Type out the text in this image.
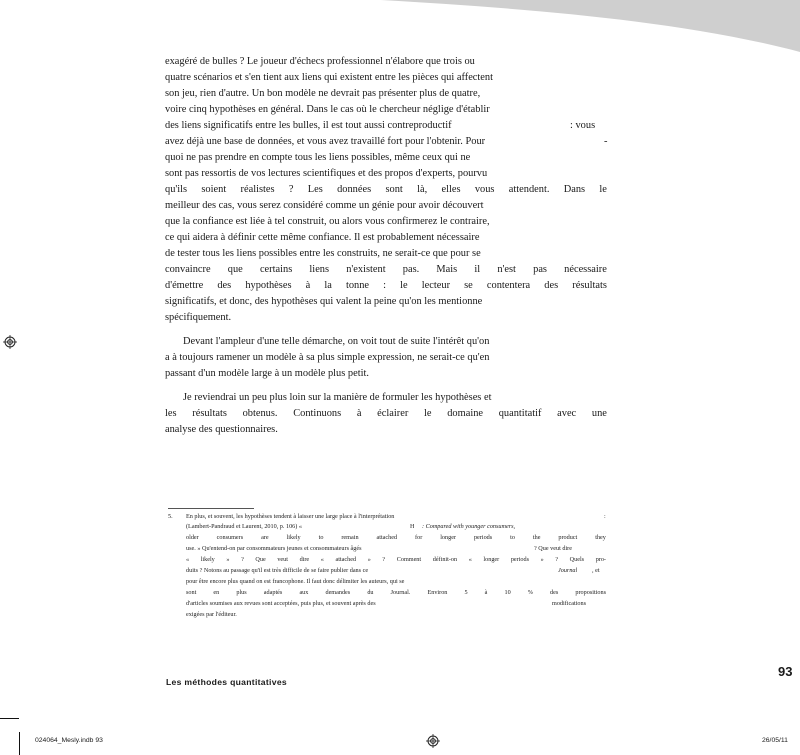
exagéré de bulles ? Le joueur d'échecs professionnel n'élabore que trois ou
quatre scénarios et s'en tient aux liens qui existent entre les pièces qui affectent
son jeu, rien d'autre. Un bon modèle ne devrait pas présenter plus de quatre,
voire cinq hypothèses en général. Dans le cas où le chercheur néglige d'établir
des liens significatifs entre les bulles, il est tout aussi contreproductif	: vous
avez déjà une base de données, et vous avez travaillé fort pour l'obtenir. Pour	-
quoi ne pas prendre en compte tous les liens possibles, même ceux qui ne
sont pas ressortis de vos lectures scientifiques et des propos d'experts, pourvu
qu'ils soient réalistes ? Les données sont là, elles vous attendent. Dans le
meilleur des cas, vous serez considéré comme un génie pour avoir découvert
que la confiance est liée à tel construit, ou alors vous confirmerez le contraire,
ce qui aidera à définir cette même confiance. Il est probablement nécessaire
de tester tous les liens possibles entre les construits, ne serait-ce que pour se
convaincre que certains liens n'existent pas. Mais il n'est pas nécessaire
d'émettre des hypothèses à la tonne : le lecteur se contentera des résultats
significatifs, et donc, des hypothèses qui valent la peine qu'on les mentionne
spécifiquement.
Devant l'ampleur d'une telle démarche, on voit tout de suite l'intérêt qu'on
a à toujours ramener un modèle à sa plus simple expression, ne serait-ce qu'en
passant d'un modèle large à un modèle plus petit.
Je reviendrai un peu plus loin sur la manière de formuler les hypothèses et
les résultats obtenus. Continuons à éclairer le domaine quantitatif avec une
analyse des questionnaires.
5. En plus, et souvent, les hypothèses tendent à laisser une large place à l'interprétation	:
(Lambert-Pandraud et Laurent, 2010, p. 106) «	H : Compared with younger consumers,
older	consumers	are	likely	to	remain	attached	for	longer	periods	to	the	product	they
use. » Qu'entend-on par consommateurs jeunes et consommateurs âgés	? Que veut dire
« likely » ? Que veut dire « attached » ? Comment définit-on « longer periods » ? Quels pro-
duits ? Notons au passage qu'il est très difficile de se faire publier dans ce	Journal , et
pour être encore plus quand on est francophone. Il faut donc délimiter les auteurs, qui se
sont	en	plus	adaptés	aux	demandes	du	Journal.	Environ	5	à	10	%	des	propositions
d'articles soumises aux revues sont acceptées, puis plus, et souvent après des	modifications
exigées par l'éditeur.
93
Les méthodes quantitatives
024064_Mesly.indb 93	26/05/11
